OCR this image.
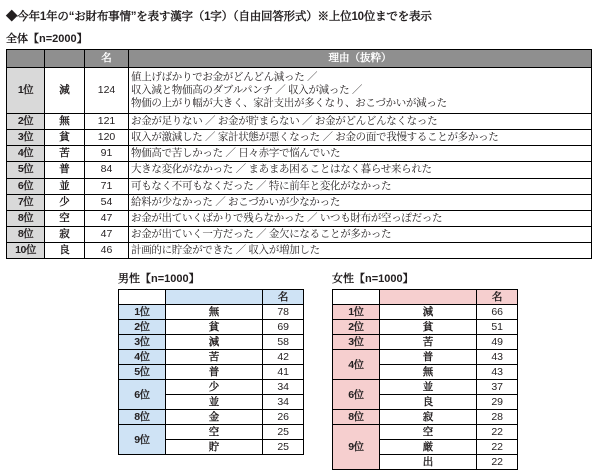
◆今年1年の“お財布事情”を表す漢字（1字）（自由回答形式）※上位10位までを表示
全体【n=2000】
		名	理由（抜粋）
1位	減	124	値上げばかりでお金がどんどん減った ／
収入減と物価高のダブルパンチ ／ 収入が減った ／
物価の上がり幅が大きく、家計支出が多くなり、おこづかいが減った

2位	無	121	お金が足りない ／ お金が貯まらない ／ お金がどんどんなくなった

3位	貧	120	収入が激減した ／ 家計状態が悪くなった ／ お金の面で我慢することが多かった

4位	苦	91	物価高で苦しかった ／ 日々赤字で悩んでいた

5位	普	84	大きな変化がなかった ／ まあまあ困ることはなく暮らせ来られた

6位	並	71	可もなく不可もなくだった ／ 特に前年と変化がなかった

7位	少	54	給料が少なかった ／ おこづかいが少なかった

8位	空	47	お金が出ていくばかりで残らなかった ／ いつも財布が空っぽだった

8位	寂	47	お金が出ていく一方だった ／ 金欠になることが多かった

10位	良	46	計画的に貯金ができた ／ 収入が増加した
男性【n=1000】
		名
1位	無	78
2位	貧	69
3位	減	58
4位	苦	42
5位	普	41
6位	少	34
	並	34
8位	金	26
9位	空	25
	貯	25
女性【n=1000】
		名
1位	減	66
2位	貧	51
3位	苦	49
4位	普	43
	無	43
6位	並	37
	良	29
8位	寂	28
9位	空	22
	厳	22
	出	22
